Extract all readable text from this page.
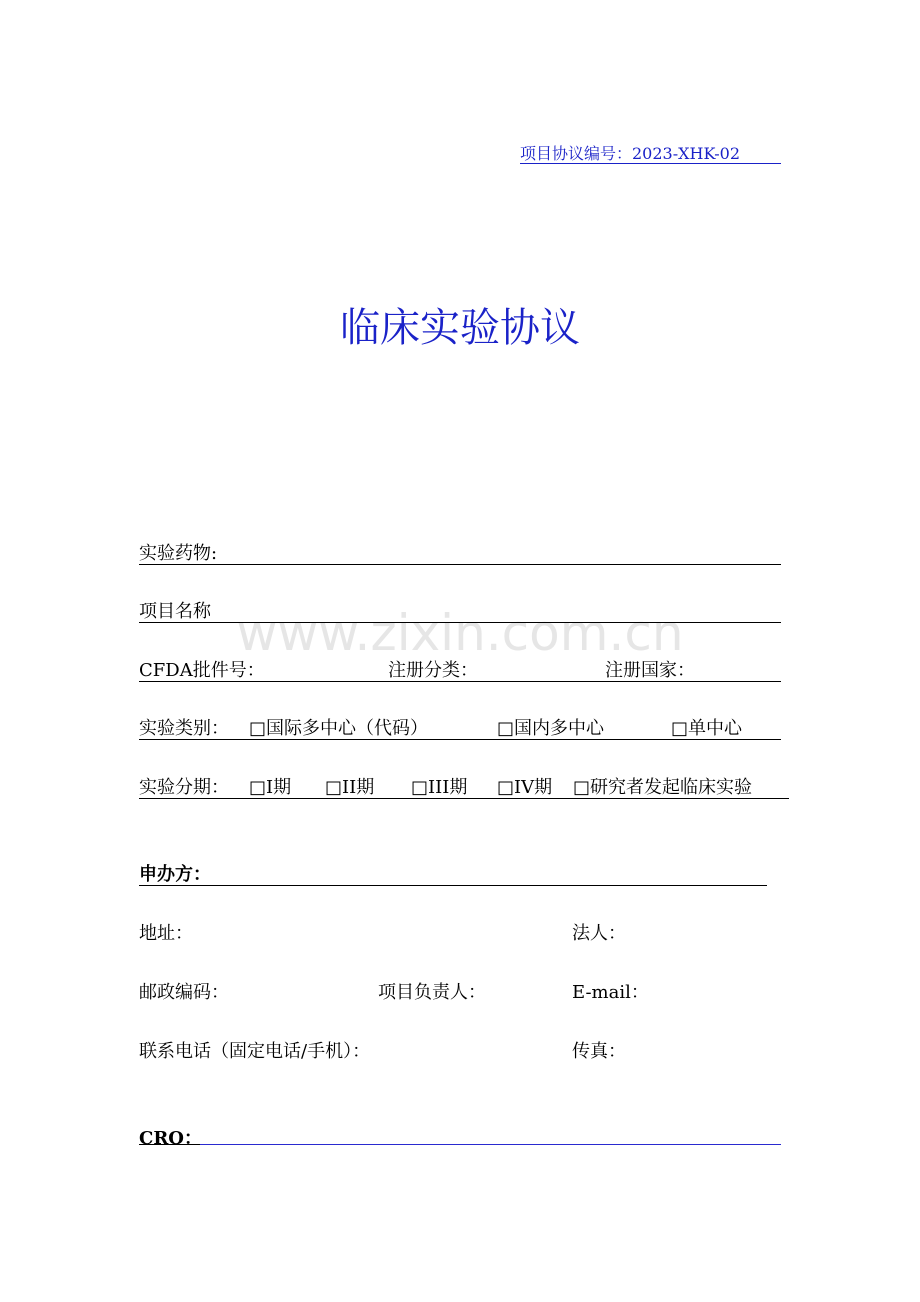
项目协议编号：2023-XHK-02
临床实验协议
www.zixin.com.cn
实验药物:
项目名称
CFDA批件号：	注册分类：	注册国家：
实验类别： □国际多中心（代码）	□国内多中心	□单中心
实验分期： □I期 □II期 □III期 □IV期 □研究者发起临床实验
申办方：
地址：	法人：
邮政编码：	项目负责人：	E-mail：
联系电话（固定电话/手机）：	传真：
CRO：
